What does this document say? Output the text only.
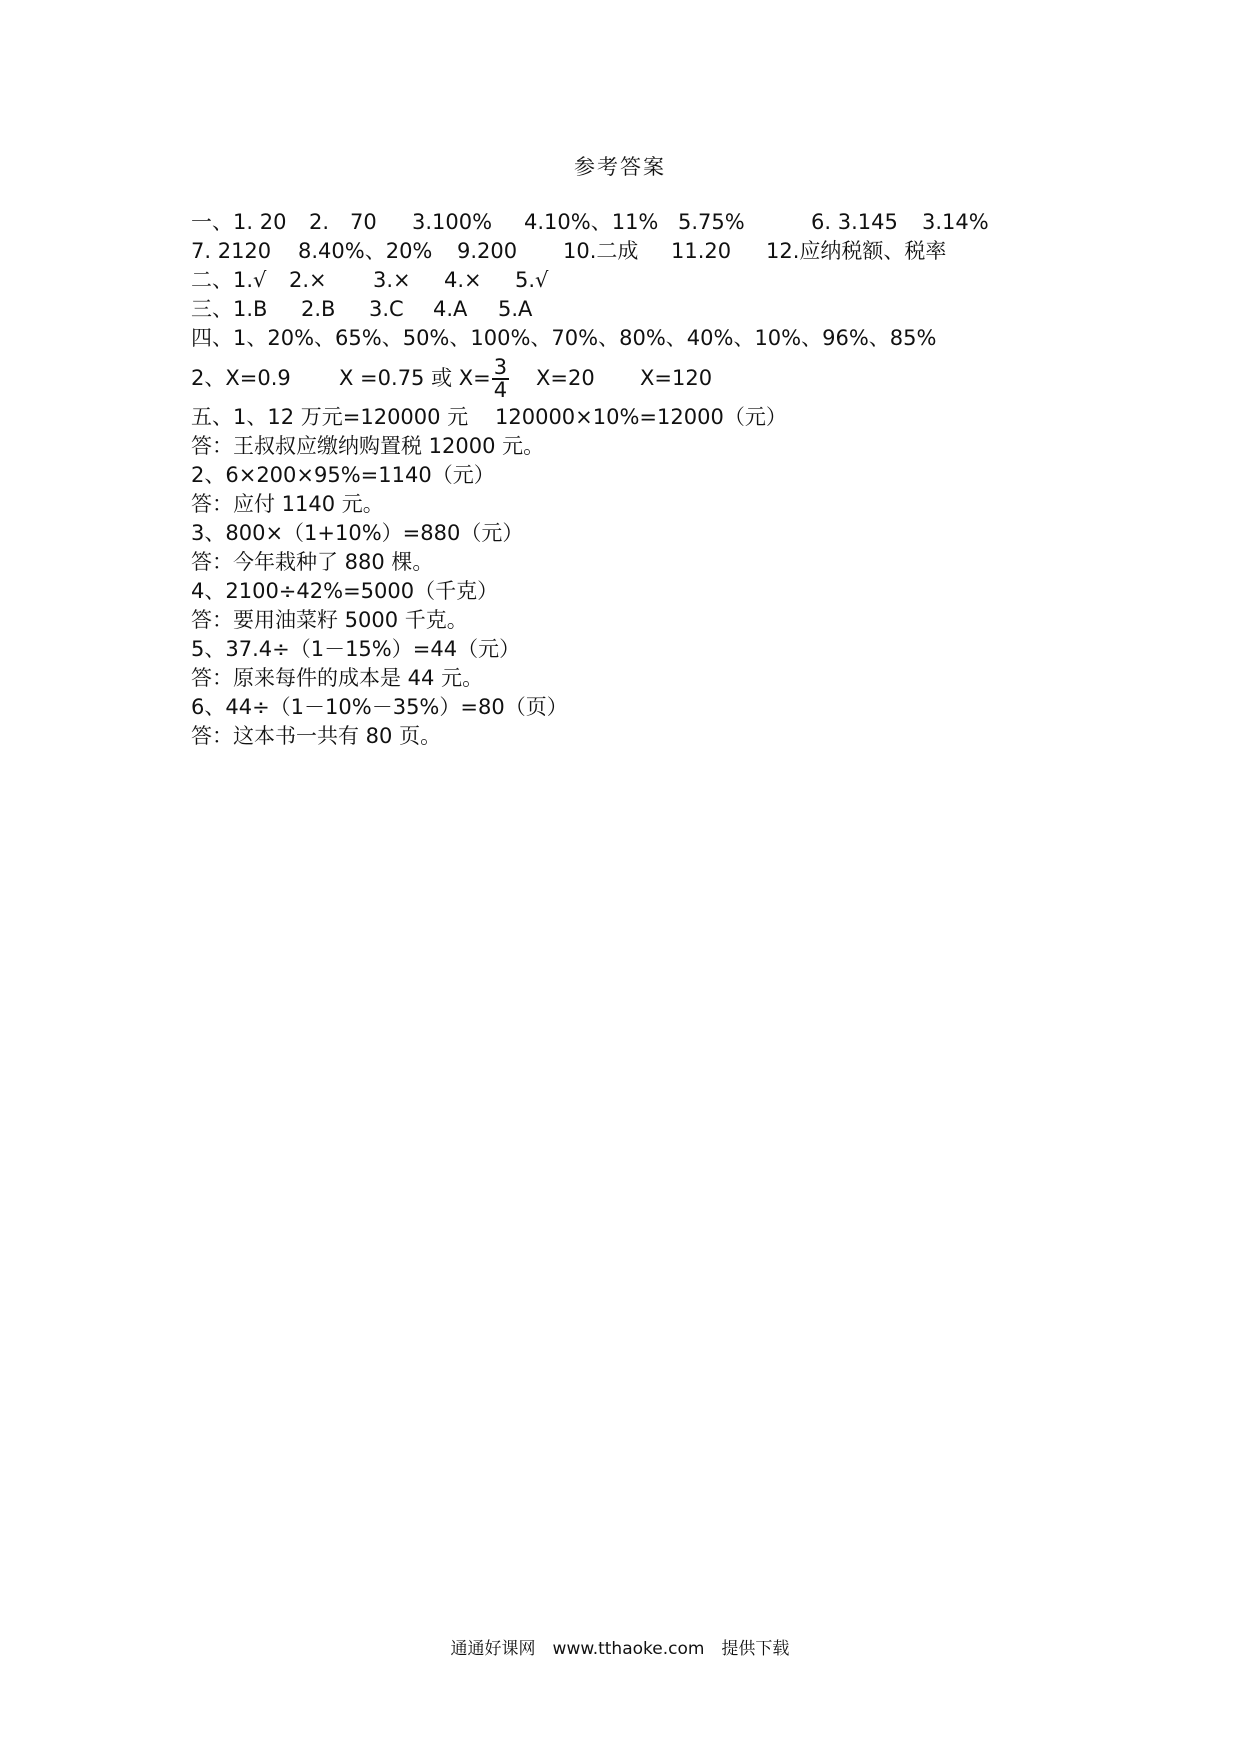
参考答案
一、1. 20 2.　70 3.100% 4.10%、11% 5.75%	6. 3.145 3.14%
7. 2120 8.40%、20% 9.200 10.二成 11.20 12.应纳税额、税率
二、1.√ 2.× 3.× 4.× 5.√
三、1.B 2.B 3.C 4.A 5.A
四、1、20%、65%、50%、100%、70%、80%、40%、10%、96%、85%
2、X=0.9 X =0.75 或 $X= \frac{3}{4} X=20$ X=120
五、1、12 万元=120000 元 120000×10%=12000（元）
答：王叔叔应缴纳购置税 12000 元。
2、6×200×95%=1140（元）
答：应付 1140 元。
3、800×（1+10%）=880（元）
答：今年栽种了 880 棵。
4、2100÷42%=5000（千克）
答：要用油菜籽 5000 千克。
5、37.4÷（1－15%）=44（元）
答：原来每件的成本是 44 元。
6、44÷（1－10%－35%）=80（页）
答：这本书一共有 80 页。
通通好课网　www.tthaoke.com　提供下载
